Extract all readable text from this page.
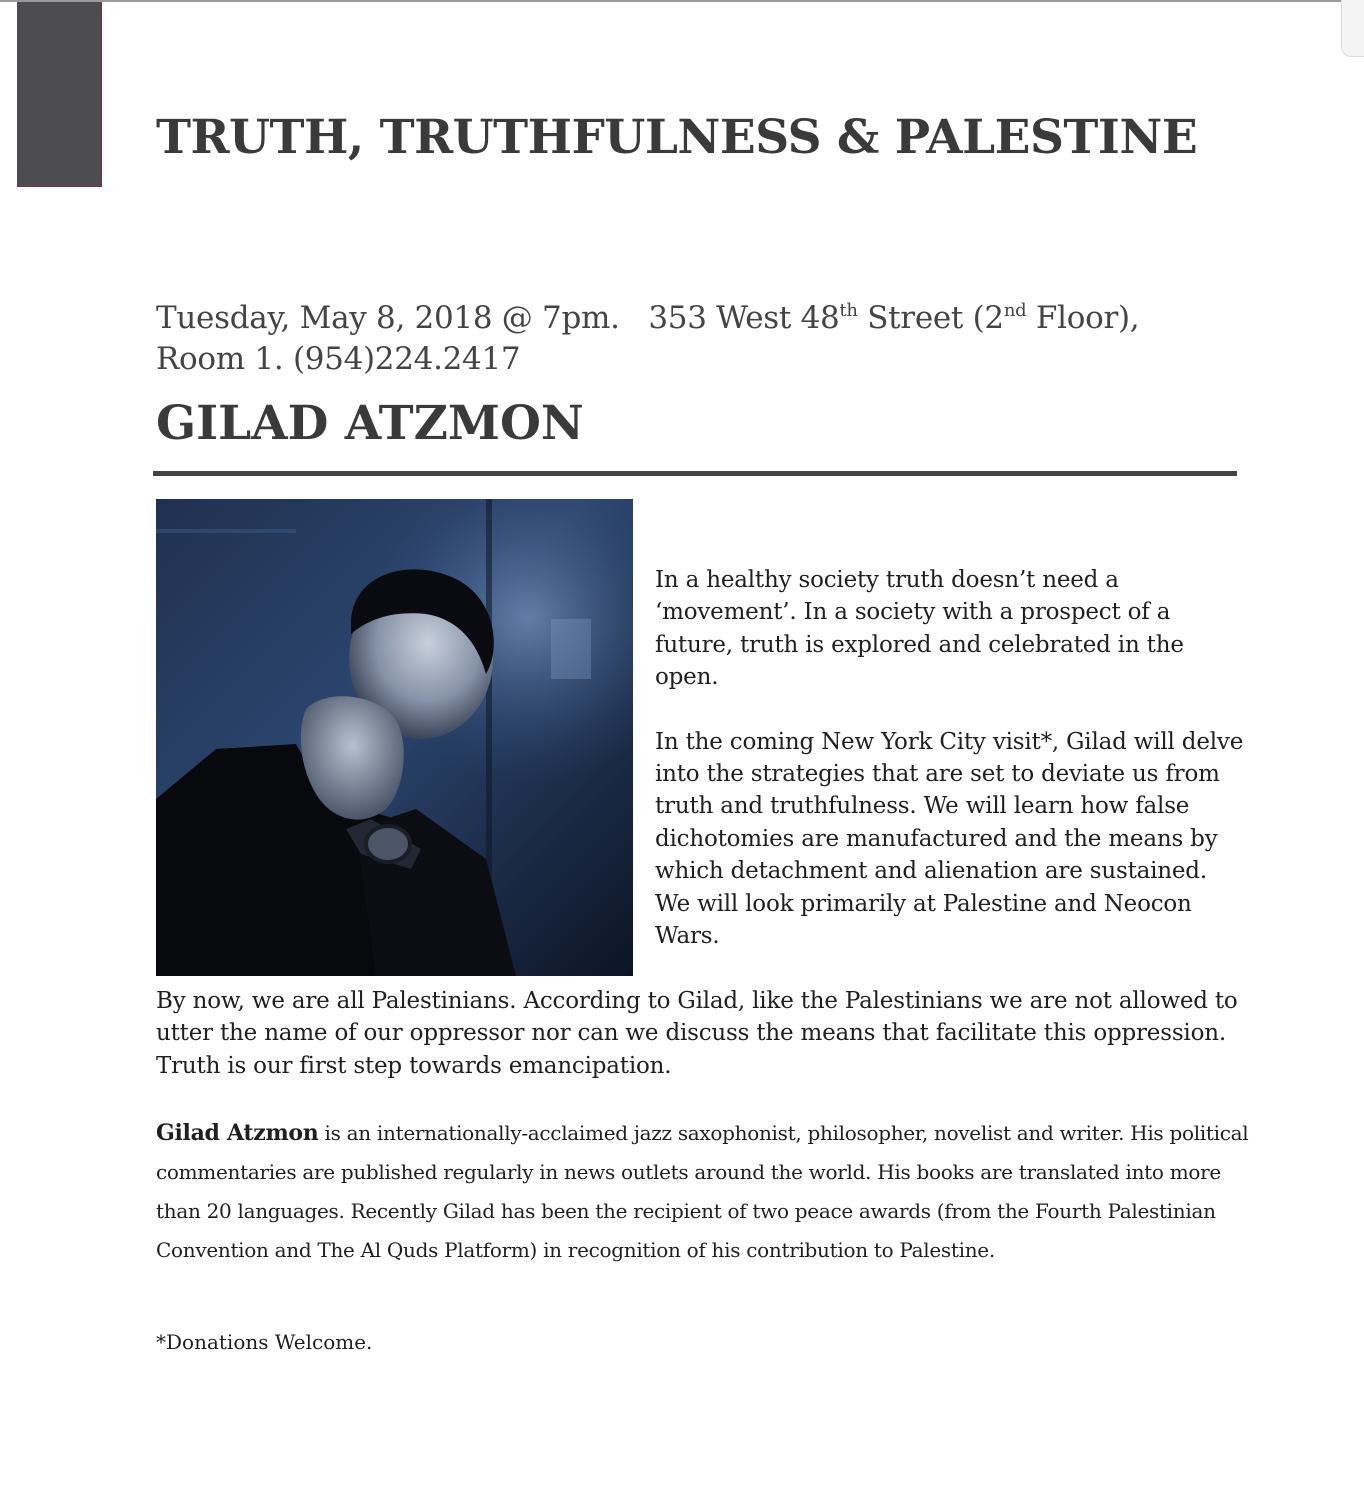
TRUTH, TRUTHFULNESS & PALESTINE
Tuesday, May 8, 2018 @ 7pm. 353 West 48th Street (2nd Floor),
Room 1. (954)224.2417
GILAD ATZMON

In a healthy society truth doesn’t need a ‘movement’. In a society with a prospect of a future, truth is explored and celebrated in the open.

In the coming New York City visit*, Gilad will delve into the strategies that are set to deviate us from truth and truthfulness. We will learn how false dichotomies are manufactured and the means by which detachment and alienation are sustained. We will look primarily at Palestine and Neocon Wars.

By now, we are all Palestinians. According to Gilad, like the Palestinians we are not allowed to utter the name of our oppressor nor can we discuss the means that facilitate this oppression. Truth is our first step towards emancipation.

Gilad Atzmon is an internationally-acclaimed jazz saxophonist, philosopher, novelist and writer. His political commentaries are published regularly in news outlets around the world. His books are translated into more than 20 languages. Recently Gilad has been the recipient of two peace awards (from the Fourth Palestinian Convention and The Al Quds Platform) in recognition of his contribution to Palestine.

*Donations Welcome.
